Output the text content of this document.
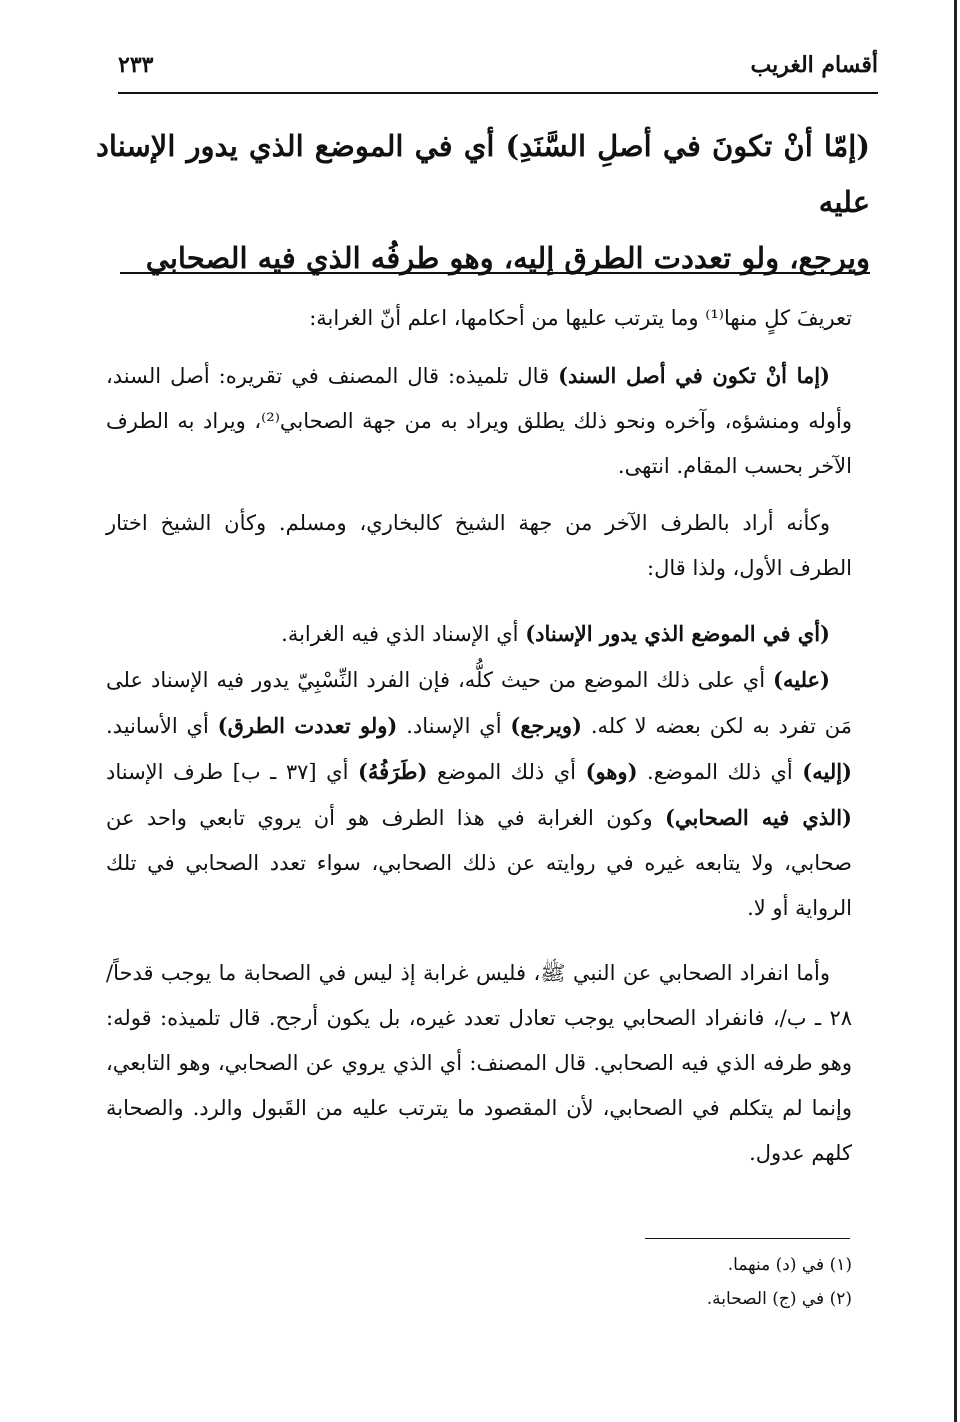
أقسام الغريب
٢٣٣
(إمّا أنْ تكونَ في أصلِ السَّنَدِ) أي في الموضع الذي يدور الإسناد عليه
ويرجع، ولو تعددت الطرق إليه، وهو طرفُه الذي فيه الصحابي

تعريفَ كلٍ منها⁽¹⁾ وما يترتب عليها من أحكامها، اعلم أنّ الغرابة:

(إما أنْ تكون في أصل السند) قال تلميذه: قال المصنف في تقريره: أصل السند، وأوله ومنشؤه، وآخره ونحو ذلك يطلق ويراد به من جهة الصحابي⁽²⁾، ويراد به الطرف الآخر بحسب المقام. انتهى.

وكأنه أراد بالطرف الآخر من جهة الشيخ كالبخاري، ومسلم. وكأن الشيخ اختار الطرف الأول، ولذا قال:

(أي في الموضع الذي يدور الإسناد) أي الإسناد الذي فيه الغرابة.

(عليه) أي على ذلك الموضع من حيث كلُّه، فإن الفرد النِّسْبِيّ يدور فيه الإسناد على مَن تفرد به لكن بعضه لا كله. (ويرجع) أي الإسناد. (ولو تعددت الطرق) أي الأسانيد. (إليه) أي ذلك الموضع. (وهو) أي ذلك الموضع (طَرَفُهُ) أي [٣٧ ـ ب] طرف الإسناد (الذي فيه الصحابي) وكون الغرابة في هذا الطرف هو أن يروي تابعي واحد عن صحابي، ولا يتابعه غيره في روايته عن ذلك الصحابي، سواء تعدد الصحابي في تلك الرواية أو لا.

وأما انفراد الصحابي عن النبي ﷺ، فليس غرابة إذ ليس في الصحابة ما يوجب قدحاً/٢٨ ـ ب/، فانفراد الصحابي يوجب تعادل تعدد غيره، بل يكون أرجح. قال تلميذه: قوله: وهو طرفه الذي فيه الصحابي. قال المصنف: أي الذي يروي عن الصحابي، وهو التابعي، وإنما لم يتكلم في الصحابي، لأن المقصود ما يترتب عليه من القَبول والرد. والصحابة كلهم عدول.

(١) في (د) منهما.
(٢) في (ج) الصحابة.
